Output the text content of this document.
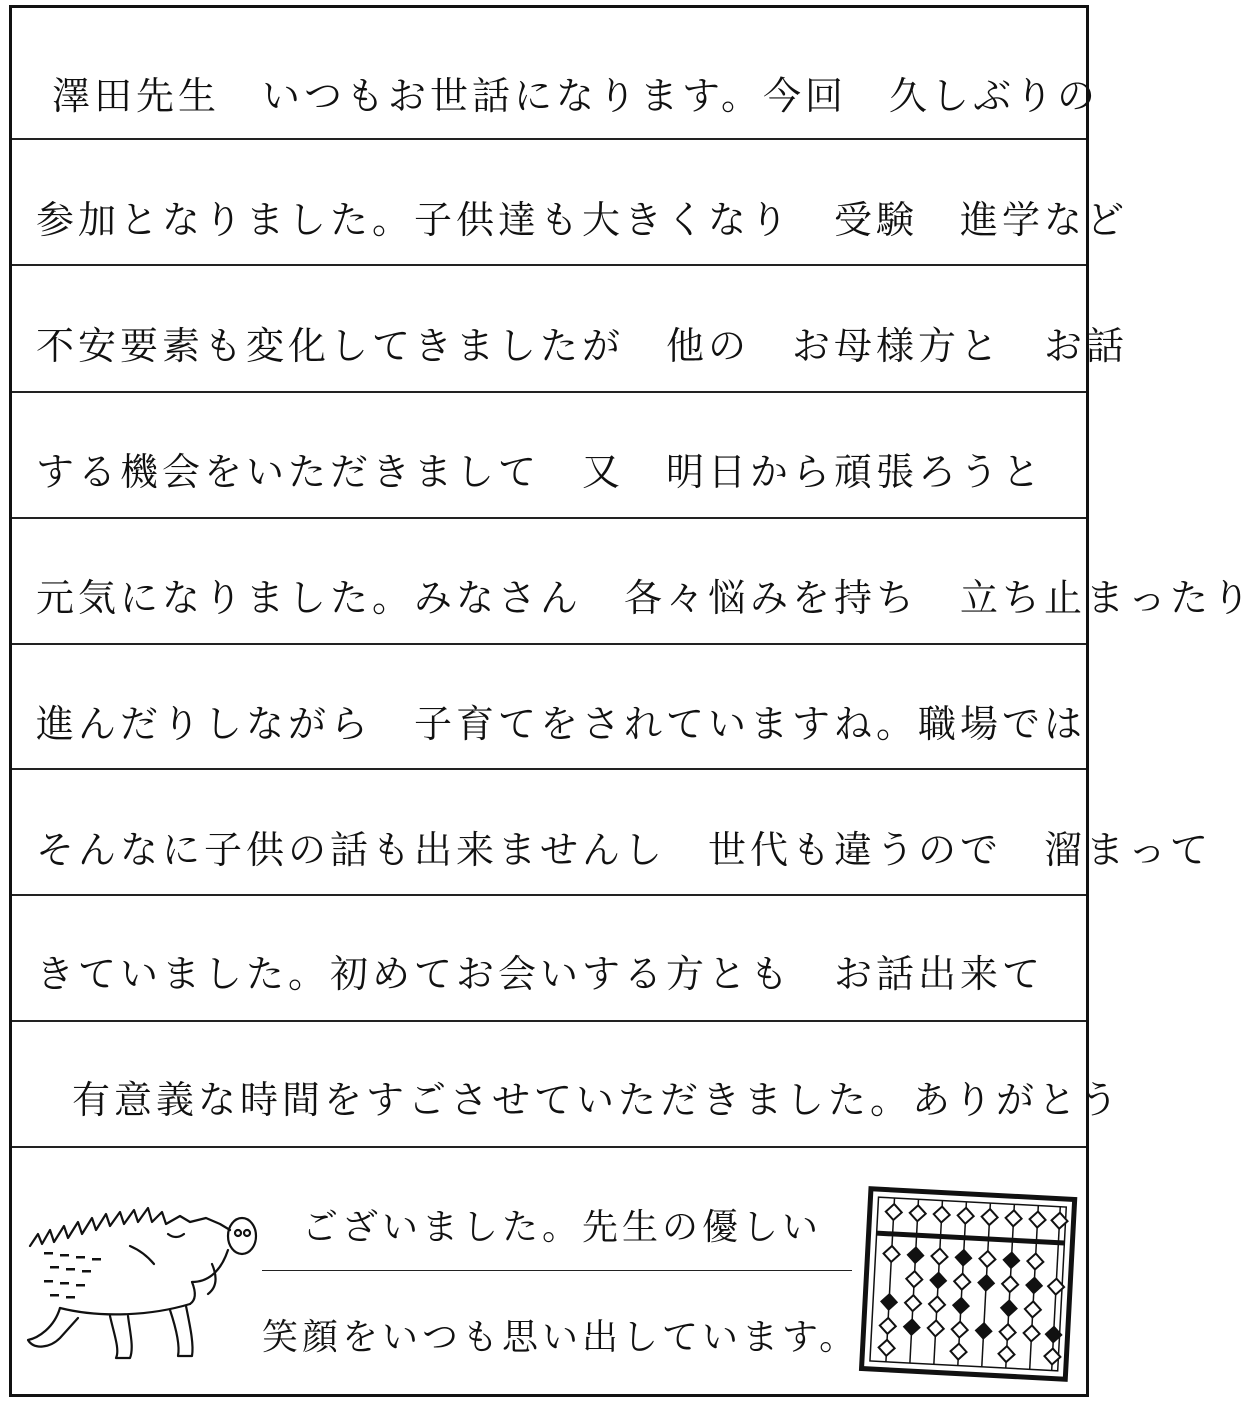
澤田先生　いつもお世話になります。今回　久しぶりの
参加となりました。子供達も大きくなり　受験　進学など
不安要素も変化してきましたが　他の　お母様方と　お話
する機会をいただきまして　又　明日から頑張ろうと
元気になりました。みなさん　各々悩みを持ち　立ち止まったり
進んだりしながら　子育てをされていますね。職場では
そんなに子供の話も出来ませんし　世代も違うので　溜まって
きていました。初めてお会いする方とも　お話出来て
有意義な時間をすごさせていただきました。ありがとう
ございました。先生の優しい
笑顔をいつも思い出しています。
